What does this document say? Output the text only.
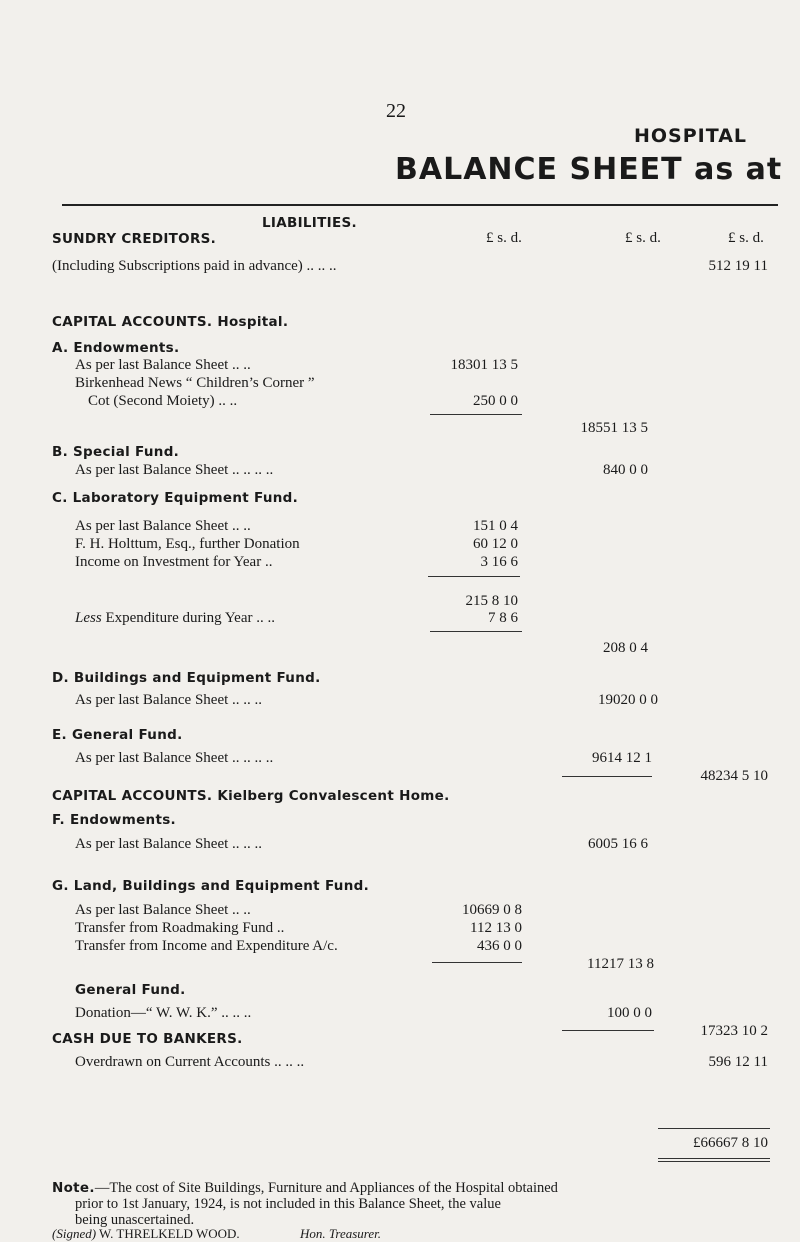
22
HOSPITAL
BALANCE SHEET as at
LIABILITIES.
SUNDRY CREDITORS.	£ s. d.	£ s. d.	£ s. d.
(Including Subscriptions paid in advance) .. .. ..	512 19 11
CAPITAL ACCOUNTS. Hospital.
A. Endowments.
As per last Balance Sheet .. ..	18301 13 5
Birkenhead News “ Children’s Corner ”
Cot (Second Moiety) .. ..	250 0 0
18551 13 5
B. Special Fund.
As per last Balance Sheet .. .. .. ..	840 0 0
C. Laboratory Equipment Fund.
As per last Balance Sheet .. ..	151 0 4
F. H. Holttum, Esq., further Donation	60 12 0
Income on Investment for Year ..	3 16 6
215 8 10
Less Expenditure during Year .. ..	7 8 6
208 0 4
D. Buildings and Equipment Fund.
As per last Balance Sheet .. .. ..	19020 0 0
E. General Fund.
As per last Balance Sheet .. .. .. ..	9614 12 1
48234 5 10
CAPITAL ACCOUNTS. Kielberg Convalescent Home.
F. Endowments.
As per last Balance Sheet .. .. ..	6005 16 6
G. Land, Buildings and Equipment Fund.
As per last Balance Sheet .. ..	10669 0 8
Transfer from Roadmaking Fund ..	112 13 0
Transfer from Income and Expenditure A/c.	436 0 0
11217 13 8
General Fund.
Donation—“ W. W. K.” .. .. ..	100 0 0
17323 10 2
CASH DUE TO BANKERS.
Overdrawn on Current Accounts .. .. ..	596 12 11
£66667 8 10
Note.—The cost of Site Buildings, Furniture and Appliances of the Hospital obtained
prior to 1st January, 1924, is not included in this Balance Sheet, the value
being unascertained.
(Signed) W. THRELKELD WOOD.	Hon. Treasurer.
